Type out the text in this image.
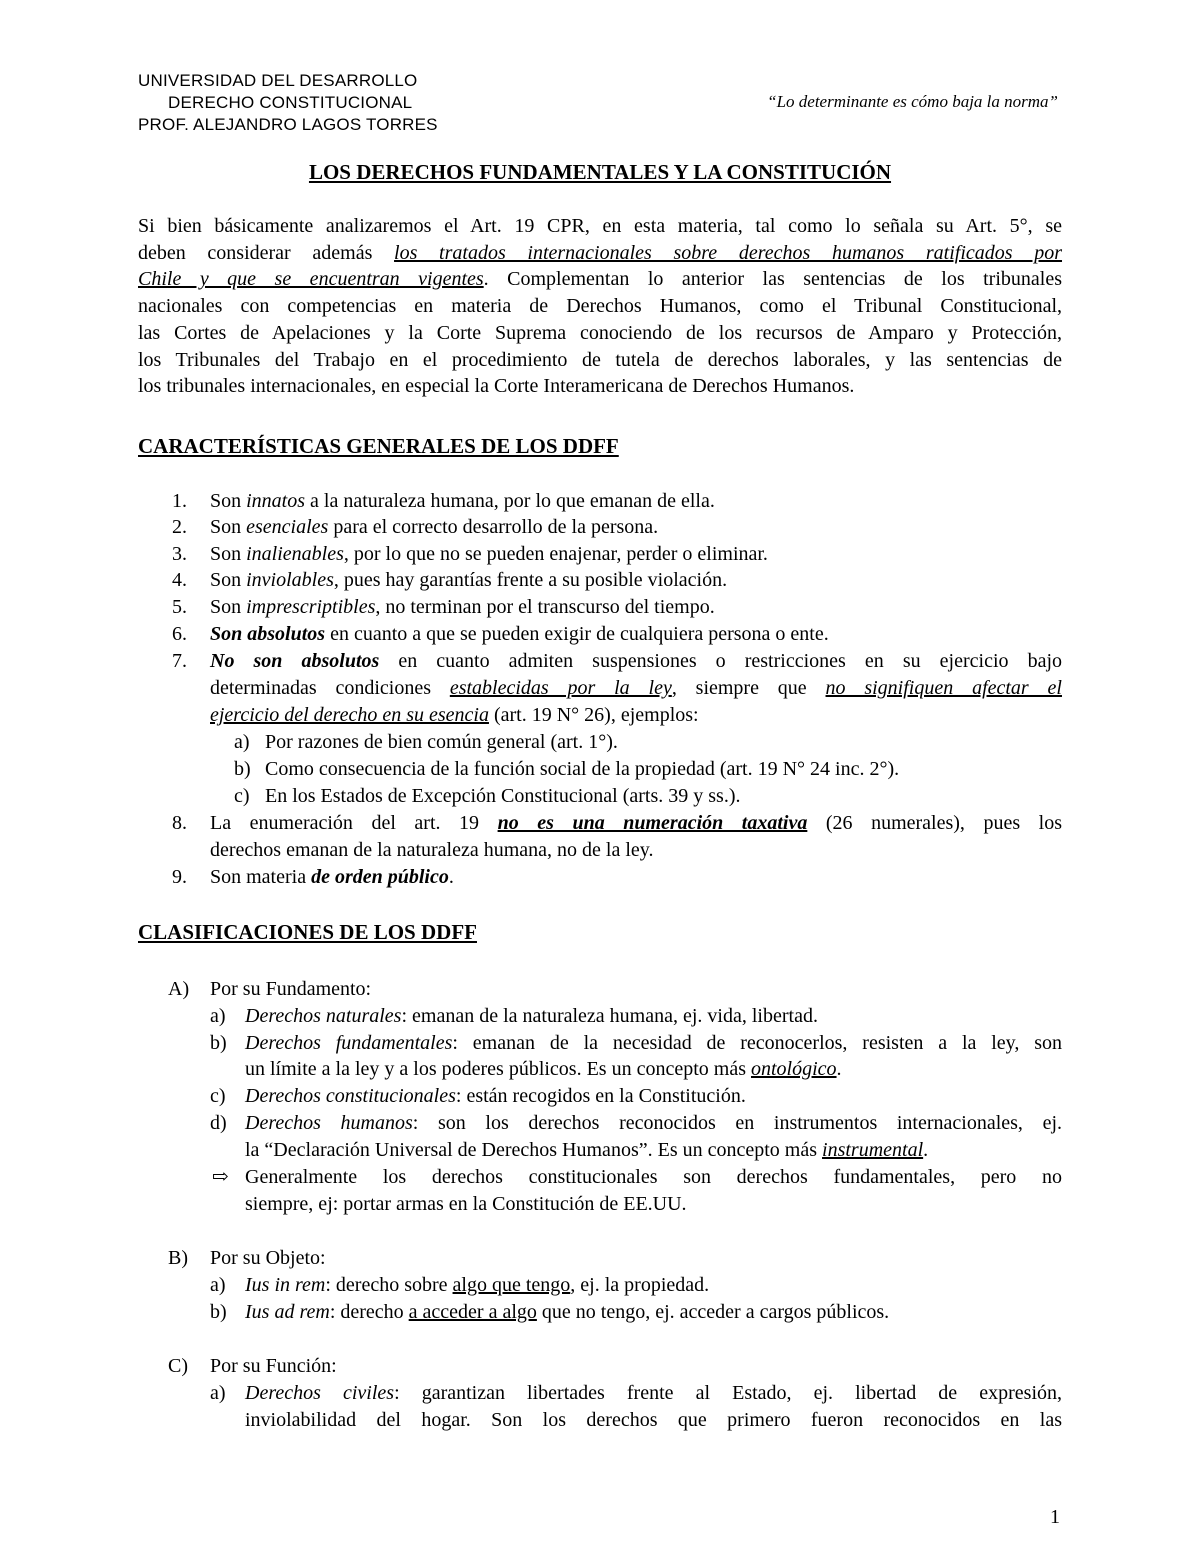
UNIVERSIDAD DEL DESARROLLO
DERECHO CONSTITUCIONAL
PROF. ALEJANDRO LAGOS TORRES
“Lo determinante es cómo baja la norma”
LOS DERECHOS FUNDAMENTALES Y LA CONSTITUCIÓN
Si bien básicamente analizaremos el Art. 19 CPR, en esta materia, tal como lo señala su Art. 5°, se
deben considerar además los tratados internacionales sobre derechos humanos ratificados por
Chile y que se encuentran vigentes. Complementan lo anterior las sentencias de los tribunales
nacionales con competencias en materia de Derechos Humanos, como el Tribunal Constitucional,
las Cortes de Apelaciones y la Corte Suprema conociendo de los recursos de Amparo y Protección,
los Tribunales del Trabajo en el procedimiento de tutela de derechos laborales, y las sentencias de
los tribunales internacionales, en especial la Corte Interamericana de Derechos Humanos.
CARACTERÍSTICAS GENERALES DE LOS DDFF
1. Son innatos a la naturaleza humana, por lo que emanan de ella.
2. Son esenciales para el correcto desarrollo de la persona.
3. Son inalienables, por lo que no se pueden enajenar, perder o eliminar.
4. Son inviolables, pues hay garantías frente a su posible violación.
5. Son imprescriptibles, no terminan por el transcurso del tiempo.
6. Son absolutos en cuanto a que se pueden exigir de cualquiera persona o ente.
7. No son absolutos en cuanto admiten suspensiones o restricciones en su ejercicio bajo
determinadas condiciones establecidas por la ley, siempre que no signifiquen afectar el
ejercicio del derecho en su esencia (art. 19 N° 26), ejemplos:
a) Por razones de bien común general (art. 1°).
b) Como consecuencia de la función social de la propiedad (art. 19 N° 24 inc. 2°).
c) En los Estados de Excepción Constitucional (arts. 39 y ss.).
8. La enumeración del art. 19 no es una numeración taxativa (26 numerales), pues los
derechos emanan de la naturaleza humana, no de la ley.
9. Son materia de orden público.
CLASIFICACIONES DE LOS DDFF
A) Por su Fundamento:
a) Derechos naturales: emanan de la naturaleza humana, ej. vida, libertad.
b) Derechos fundamentales: emanan de la necesidad de reconocerlos, resisten a la ley, son
un límite a la ley y a los poderes públicos. Es un concepto más ontológico.
c) Derechos constitucionales: están recogidos en la Constitución.
d) Derechos humanos: son los derechos reconocidos en instrumentos internacionales, ej.
la “Declaración Universal de Derechos Humanos”. Es un concepto más instrumental.
⇨ Generalmente los derechos constitucionales son derechos fundamentales, pero no
siempre, ej: portar armas en la Constitución de EE.UU.
B) Por su Objeto:
a) Ius in rem: derecho sobre algo que tengo, ej. la propiedad.
b) Ius ad rem: derecho a acceder a algo que no tengo, ej. acceder a cargos públicos.
C) Por su Función:
a) Derechos civiles: garantizan libertades frente al Estado, ej. libertad de expresión,
inviolabilidad del hogar. Son los derechos que primero fueron reconocidos en las
1
